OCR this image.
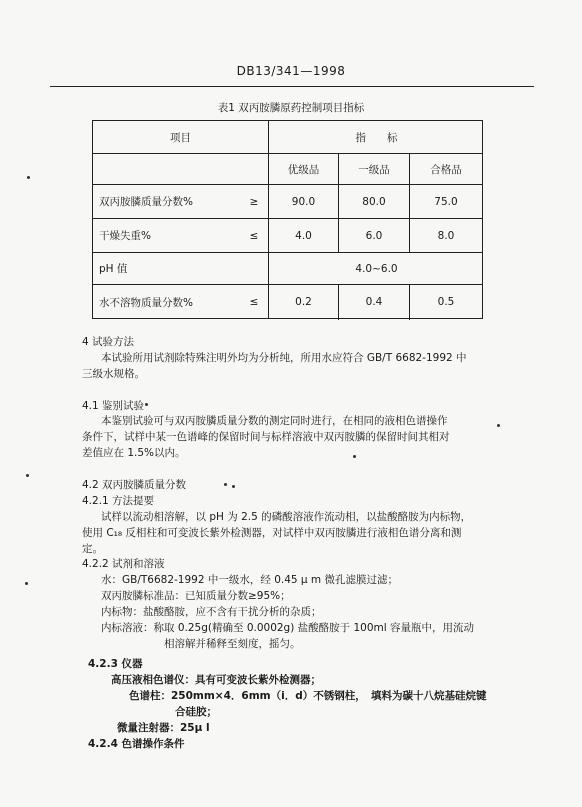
DB13/341—1998
表1 双丙胺膦原药控制项目指标
项目	指　　标
优级品	一级品	合格品
双丙胺膦质量分数%	≥	90.0	80.0	75.0
干燥失重%	≤	4.0	6.0	8.0
pH 值	4.0~6.0
水不溶物质量分数%	≤	0.2	0.4	0.5
4 试验方法
本试验所用试剂除特殊注明外均为分析纯，所用水应符合 GB/T 6682-1992 中
三级水规格。
4.1 鉴别试验
本鉴别试验可与双丙胺膦质量分数的测定同时进行，在相同的液相色谱操作
条件下，试样中某一色谱峰的保留时间与标样溶液中双丙胺膦的保留时间其相对
差值应在 1.5%以内。
4.2 双丙胺膦质量分数
4.2.1 方法提要
试样以流动相溶解，以 pH 为 2.5 的磷酸溶液作流动相，以盐酸酪胺为内标物，
使用 C₁₈ 反相柱和可变波长紫外检测器，对试样中双丙胺膦进行液相色谱分离和测
定。
4.2.2 试剂和溶液
水：GB/T6682-1992 中一级水，经 0.45 μ m 微孔滤膜过滤；
双丙胺膦标准品：已知质量分数≥95%；
内标物：盐酸酪胺，应不含有干扰分析的杂质；
内标溶液：称取 0.25g(精确至 0.0002g) 盐酸酪胺于 100ml 容量瓶中，用流动
相溶解并稀释至刻度，摇匀。
4.2.3 仪器
高压液相色谱仪：具有可变波长紫外检测器；
色谱柱：250mm×4．6mm（i．d）不锈钢柱，　填料为碳十八烷基硅烷键
合硅胶；
微量注射器：25μ l
4.2.4 色谱操作条件
